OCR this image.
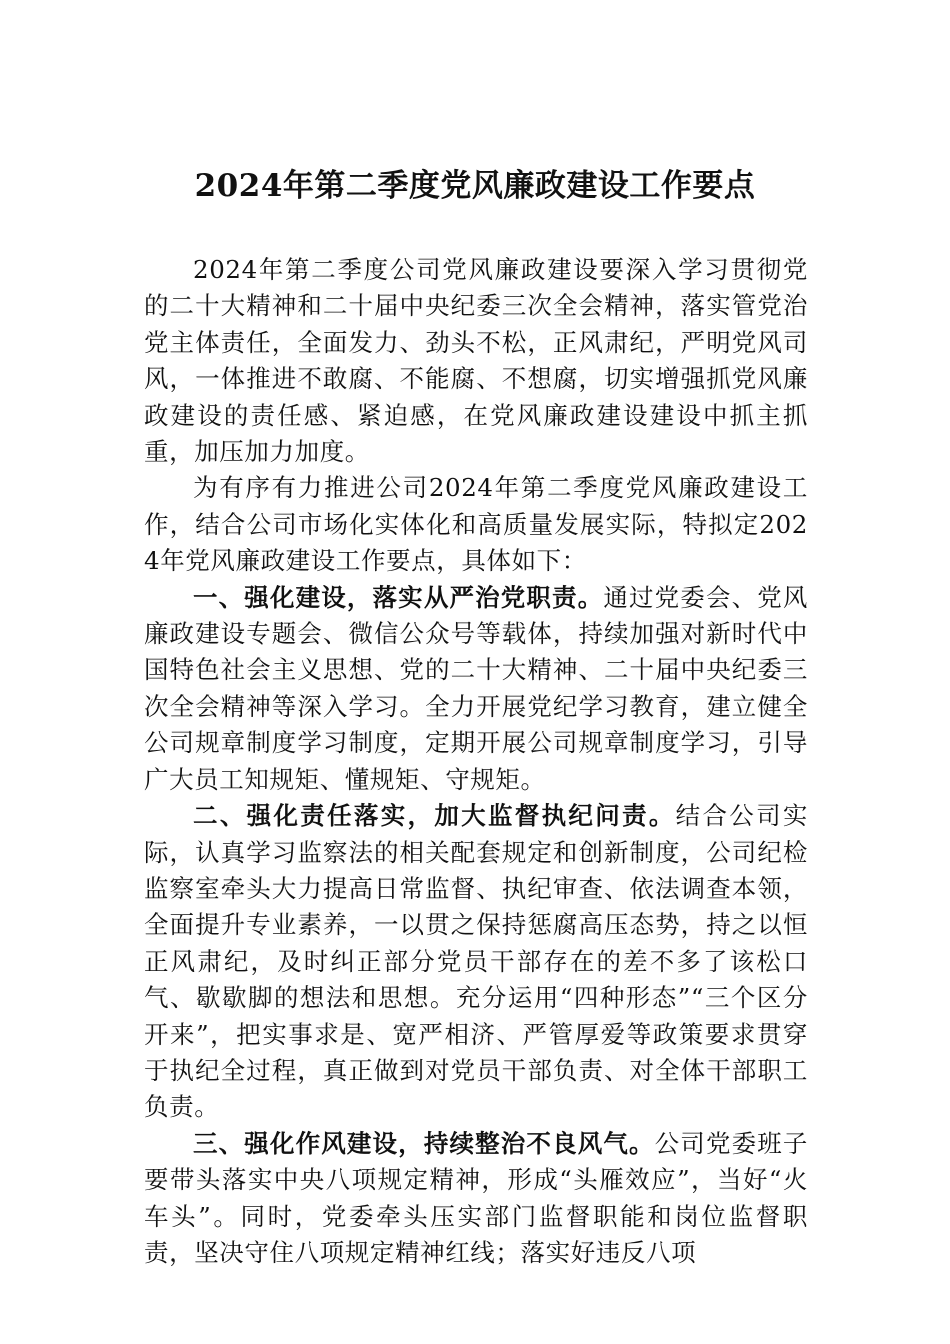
2024年第二季度党风廉政建设工作要点

2024年第二季度公司党风廉政建设要深入学习贯彻党的二十大精神和二十届中央纪委三次全会精神，落实管党治党主体责任，全面发力、劲头不松，正风肃纪，严明党风司风，一体推进不敢腐、不能腐、不想腐，切实增强抓党风廉政建设的责任感、紧迫感，在党风廉政建设建设中抓主抓重，加压加力加度。

为有序有力推进公司2024年第二季度党风廉政建设工作，结合公司市场化实体化和高质量发展实际，特拟定2024年党风廉政建设工作要点，具体如下：

一、强化建设，落实从严治党职责。通过党委会、党风廉政建设专题会、微信公众号等载体，持续加强对新时代中国特色社会主义思想、党的二十大精神、二十届中央纪委三次全会精神等深入学习。全力开展党纪学习教育，建立健全公司规章制度学习制度，定期开展公司规章制度学习，引导广大员工知规矩、懂规矩、守规矩。

二、强化责任落实，加大监督执纪问责。结合公司实际，认真学习监察法的相关配套规定和创新制度，公司纪检监察室牵头大力提高日常监督、执纪审查、依法调查本领，全面提升专业素养，一以贯之保持惩腐高压态势，持之以恒正风肃纪，及时纠正部分党员干部存在的差不多了该松口气、歇歇脚的想法和思想。充分运用“四种形态”“三个区分开来”，把实事求是、宽严相济、严管厚爱等政策要求贯穿于执纪全过程，真正做到对党员干部负责、对全体干部职工负责。

三、强化作风建设，持续整治不良风气。公司党委班子要带头落实中央八项规定精神，形成“头雁效应”，当好“火车头”。同时，党委牵头压实部门监督职能和岗位监督职责，坚决守住八项规定精神红线；落实好违反八项
